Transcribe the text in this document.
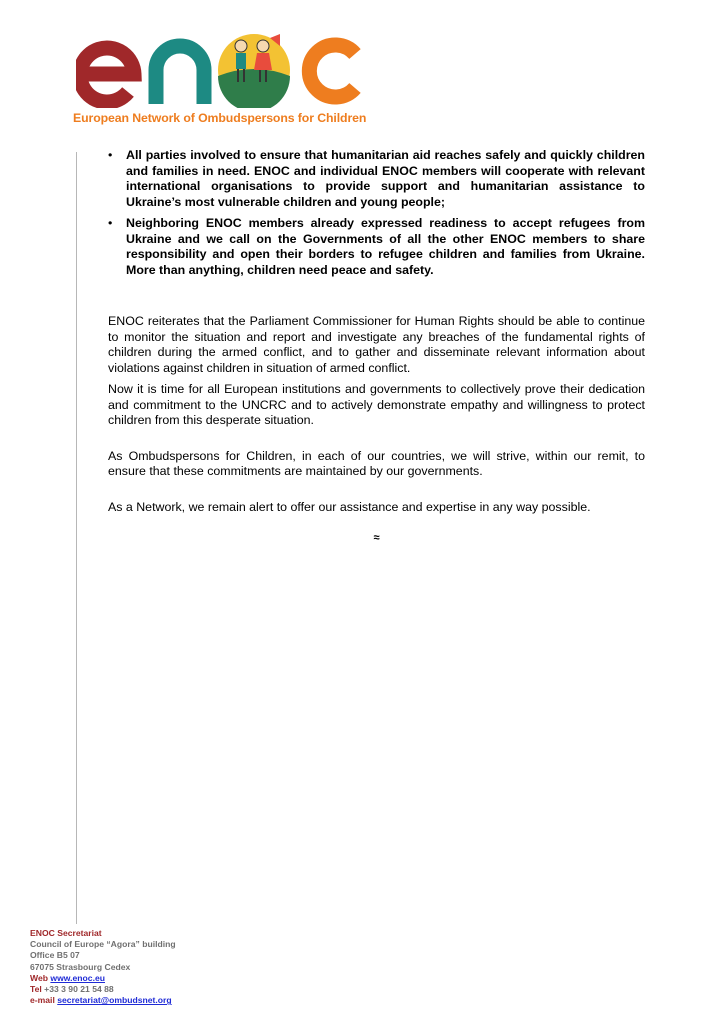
European Network of Ombudspersons for Children
• All parties involved to ensure that humanitarian aid reaches safely and quickly children and families in need. ENOC and individual ENOC members will cooperate with relevant international organisations to provide support and humanitarian assistance to Ukraine’s most vulnerable children and young people;
• Neighboring ENOC members already expressed readiness to accept refugees from Ukraine and we call on the Governments of all the other ENOC members to share responsibility and open their borders to refugee children and families from Ukraine. More than anything, children need peace and safety.

ENOC reiterates that the Parliament Commissioner for Human Rights should be able to continue to monitor the situation and report and investigate any breaches of the fundamental rights of children during the armed conflict, and to gather and disseminate relevant information about violations against children in situation of armed conflict.

Now it is time for all European institutions and governments to collectively prove their dedication and commitment to the UNCRC and to actively demonstrate empathy and willingness to protect children from this desperate situation.

As Ombudspersons for Children, in each of our countries, we will strive, within our remit, to ensure that these commitments are maintained by our governments.

As a Network, we remain alert to offer our assistance and expertise in any way possible.

≈
ENOC Secretariat
Council of Europe “Agora” building
Office B5 07
67075 Strasbourg Cedex
Web www.enoc.eu
Tel +33 3 90 21 54 88
e-mail secretariat@ombudsnet.org
